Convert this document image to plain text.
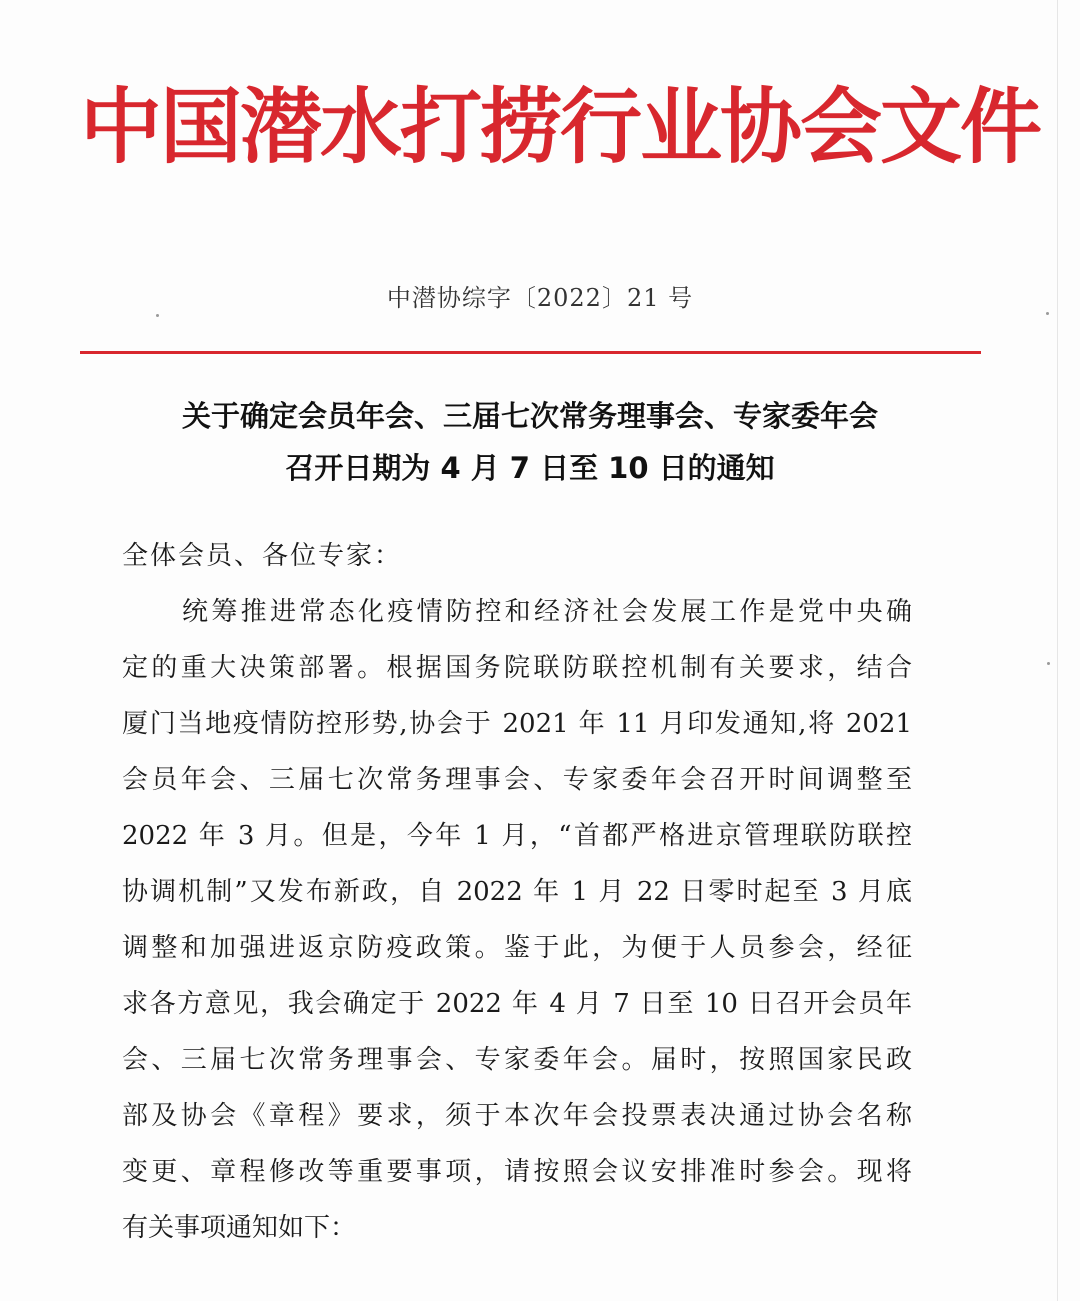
中国潜水打捞行业协会文件
中潜协综字〔2022〕21 号
关于确定会员年会、三届七次常务理事会、专家委年会
召开日期为 4 月 7 日至 10 日的通知
全体会员、各位专家：
统筹推进常态化疫情防控和经济社会发展工作是党中央确
定的重大决策部署。根据国务院联防联控机制有关要求，结合
厦门当地疫情防控形势,协会于 2021 年 11 月印发通知,将 2021
会员年会、三届七次常务理事会、专家委年会召开时间调整至
2022 年 3 月。但是，今年 1 月，“首都严格进京管理联防联控
协调机制”又发布新政，自 2022 年 1 月 22 日零时起至 3 月底
调整和加强进返京防疫政策。鉴于此，为便于人员参会，经征
求各方意见，我会确定于 2022 年 4 月 7 日至 10 日召开会员年
会、三届七次常务理事会、专家委年会。届时，按照国家民政
部及协会《章程》要求，须于本次年会投票表决通过协会名称
变更、章程修改等重要事项，请按照会议安排准时参会。现将
有关事项通知如下：
